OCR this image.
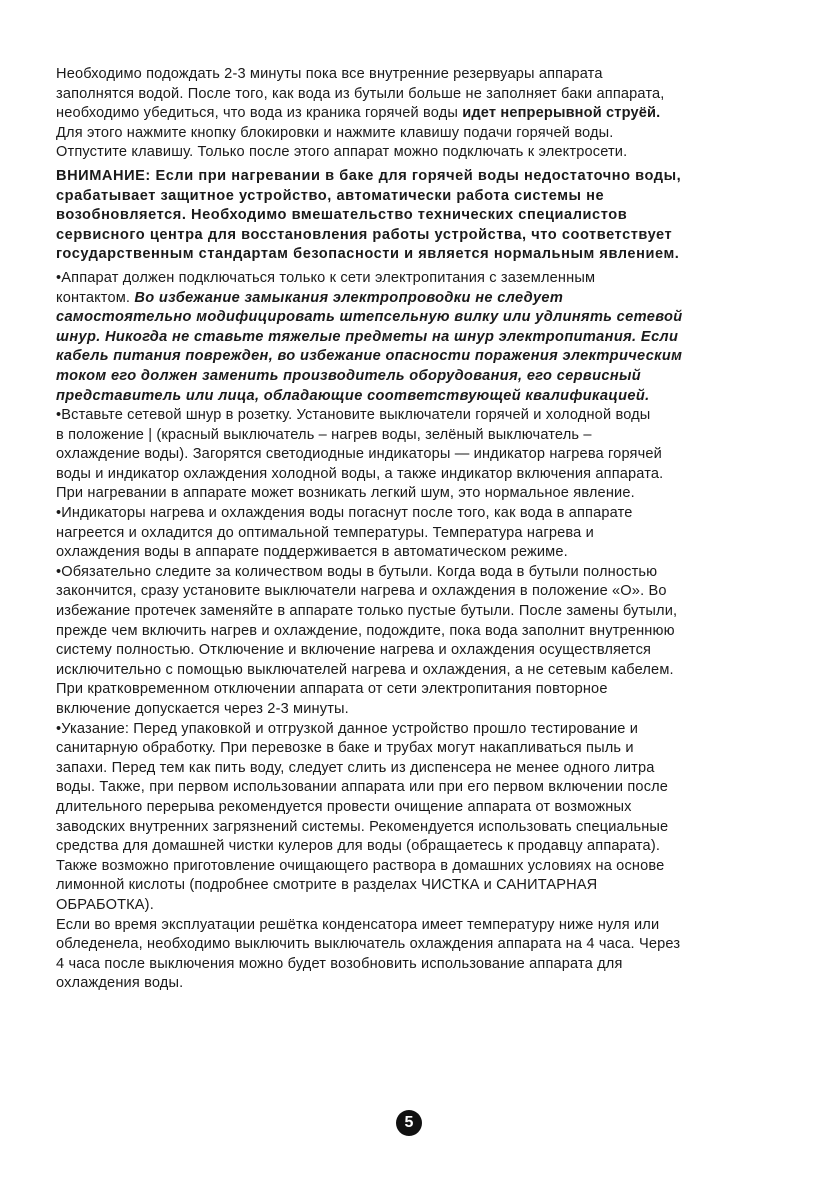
Необходимо подождать 2-3 минуты пока все внутренние резервуары аппарата
заполнятся водой. После того, как вода из бутыли больше не заполняет баки аппарата,
необходимо убедиться, что вода из краника горячей воды идет непрерывной струёй.
Для этого нажмите кнопку блокировки и нажмите клавишу подачи горячей воды.
Отпустите клавишу. Только после этого аппарат можно подключать к электросети.

ВНИМАНИЕ: Если при нагревании в баке для горячей воды недостаточно воды,
срабатывает защитное устройство, автоматически работа системы не
возобновляется. Необходимо вмешательство технических специалистов
сервисного центра для восстановления работы устройства, что соответствует
государственным стандартам безопасности и является нормальным явлением.

•Аппарат должен подключаться только к сети электропитания с заземленным
контактом. Во избежание замыкания электропроводки не следует
самостоятельно модифицировать штепсельную вилку или удлинять сетевой
шнур. Никогда не ставьте тяжелые предметы на шнур электропитания. Если
кабель питания поврежден, во избежание опасности поражения электрическим
током его должен заменить производитель оборудования, его сервисный
представитель или лица, обладающие соответствующей квалификацией.

•Вставьте сетевой шнур в розетку. Установите выключатели горячей и холодной воды
в положение | (красный выключатель – нагрев воды, зелёный выключатель –
охлаждение воды). Загорятся светодиодные индикаторы — индикатор нагрева горячей
воды и индикатор охлаждения холодной воды, а также индикатор включения аппарата.
При нагревании в аппарате может возникать легкий шум, это нормальное явление.

•Индикаторы нагрева и охлаждения воды погаснут после того, как вода в аппарате
нагреется и охладится до оптимальной температуры. Температура нагрева и
охлаждения воды в аппарате поддерживается в автоматическом режиме.

•Обязательно следите за количеством воды в бутыли. Когда вода в бутыли полностью
закончится, сразу установите выключатели нагрева и охлаждения в положение «О». Во
избежание протечек заменяйте в аппарате только пустые бутыли. После замены бутыли,
прежде чем включить нагрев и охлаждение, подождите, пока вода заполнит внутреннюю
систему полностью. Отключение и включение нагрева и охлаждения осуществляется
исключительно с помощью выключателей нагрева и охлаждения, а не сетевым кабелем.
При кратковременном отключении аппарата от сети электропитания повторное
включение допускается через 2-3 минуты.

•Указание: Перед упаковкой и отгрузкой данное устройство прошло тестирование и
санитарную обработку. При перевозке в баке и трубах могут накапливаться пыль и
запахи. Перед тем как пить воду, следует слить из диспенсера не менее одного литра
воды. Также, при первом использовании аппарата или при его первом включении после
длительного перерыва рекомендуется провести очищение аппарата от возможных
заводских внутренних загрязнений системы. Рекомендуется использовать специальные
средства для домашней чистки кулеров для воды (обращаетесь к продавцу аппарата).
Также возможно приготовление очищающего раствора в домашних условиях на основе
лимонной кислоты (подробнее смотрите в разделах ЧИСТКА и САНИТАРНАЯ
ОБРАБОТКА).

Если во время эксплуатации решётка конденсатора имеет температуру ниже нуля или
обледенела, необходимо выключить выключатель охлаждения аппарата на 4 часа. Через
4 часа после выключения можно будет возобновить использование аппарата для
охлаждения воды.

5
